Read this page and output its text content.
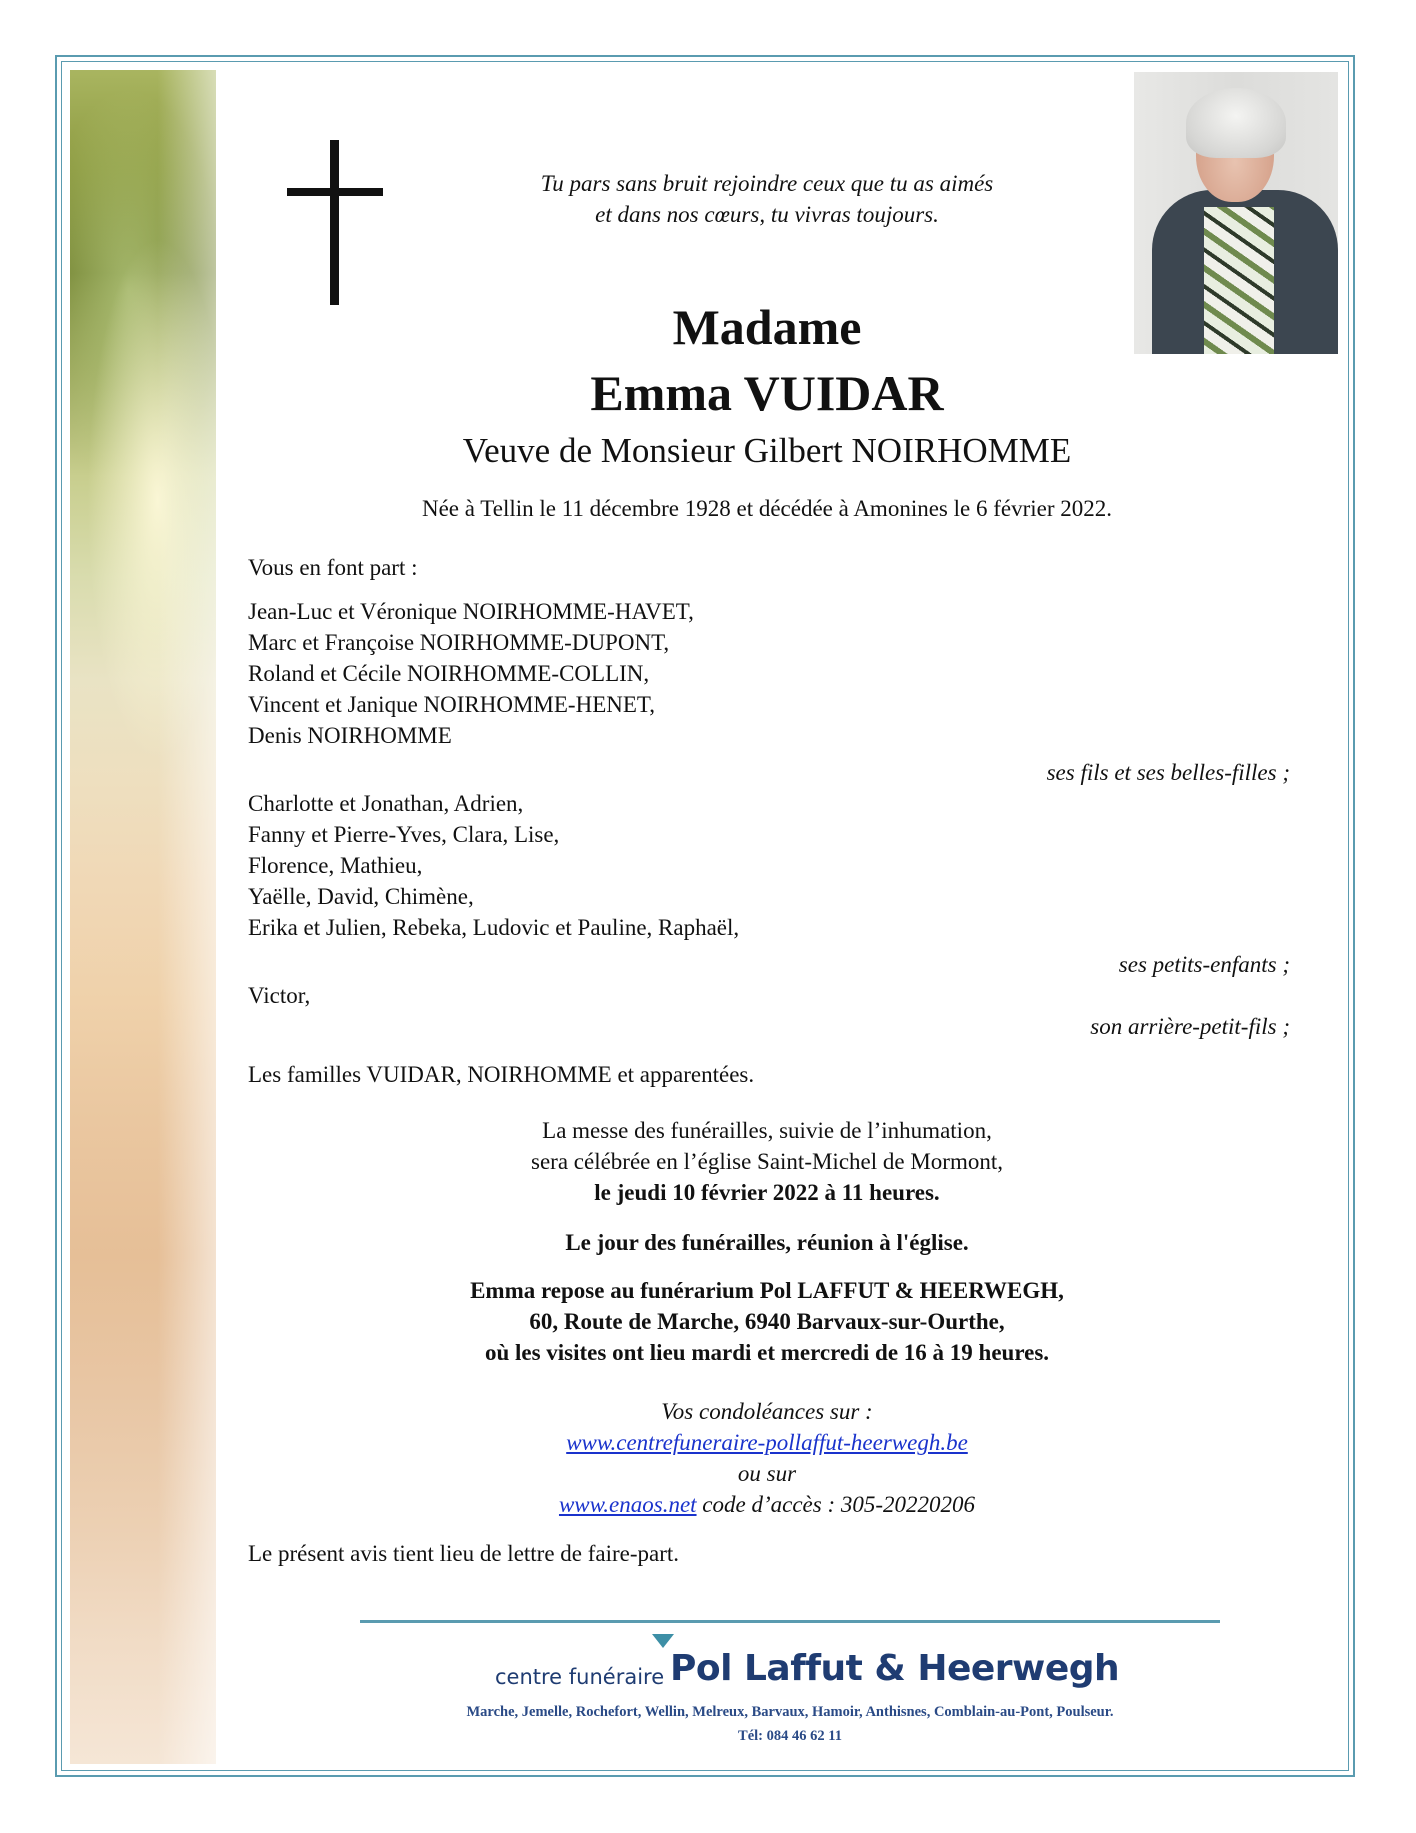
Tu pars sans bruit rejoindre ceux que tu as aimés
et dans nos cœurs, tu vivras toujours.
Madame
Emma VUIDAR
Veuve de Monsieur Gilbert NOIRHOMME
Née à Tellin le 11 décembre 1928 et décédée à Amonines le 6 février 2022.
Vous en font part :
Jean-Luc et Véronique NOIRHOMME-HAVET,
Marc et Françoise NOIRHOMME-DUPONT,
Roland et Cécile NOIRHOMME-COLLIN,
Vincent et Janique NOIRHOMME-HENET,
Denis NOIRHOMME
ses fils et ses belles-filles ;
Charlotte et Jonathan, Adrien,
Fanny et Pierre-Yves, Clara, Lise,
Florence, Mathieu,
Yaëlle, David, Chimène,
Erika et Julien, Rebeka, Ludovic et Pauline, Raphaël,
ses petits-enfants ;
Victor,
son arrière-petit-fils ;
Les familles VUIDAR, NOIRHOMME et apparentées.
La messe des funérailles, suivie de l’inhumation,
sera célébrée en l’église Saint-Michel de Mormont,
le jeudi 10 février 2022 à 11 heures.
Le jour des funérailles, réunion à l'église.
Emma repose au funérarium Pol LAFFUT & HEERWEGH,
60, Route de Marche, 6940 Barvaux-sur-Ourthe,
où les visites ont lieu mardi et mercredi de 16 à 19 heures.
Vos condoléances sur :
www.centrefuneraire-pollaffut-heerwegh.be
ou sur
www.enaos.net code d’accès : 305-20220206
Le présent avis tient lieu de lettre de faire-part.
centre funéraire Pol Laffut & Heerwegh
Marche, Jemelle, Rochefort, Wellin, Melreux, Barvaux, Hamoir, Anthisnes, Comblain-au-Pont, Poulseur.
Tél: 084 46 62 11
